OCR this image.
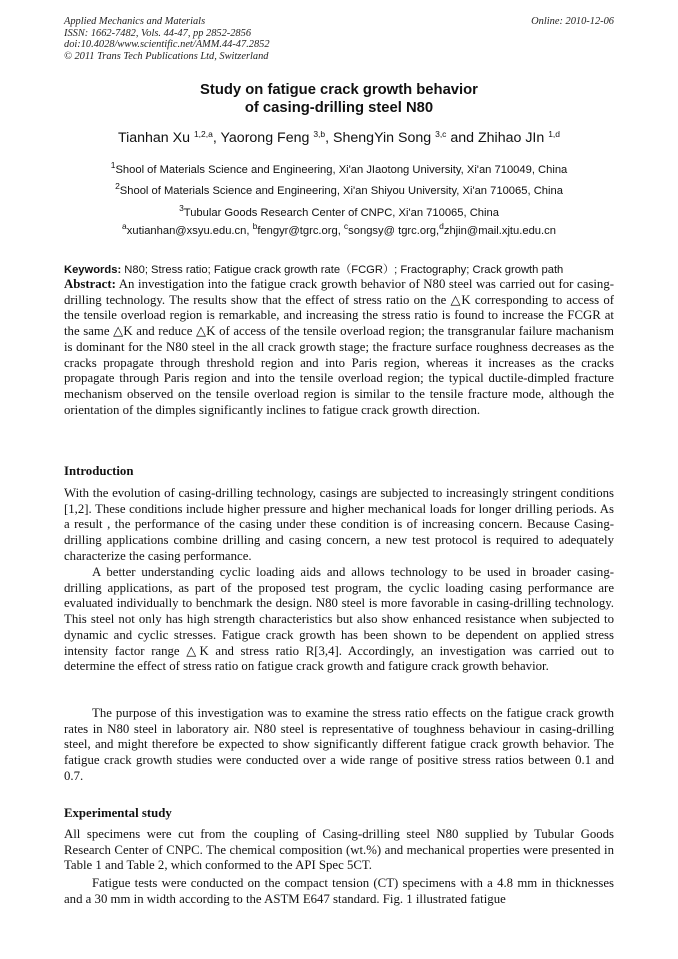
Applied Mechanics and Materials
ISSN: 1662-7482, Vols. 44-47, pp 2852-2856
doi:10.4028/www.scientific.net/AMM.44-47.2852
© 2011 Trans Tech Publications Ltd, Switzerland
Online: 2010-12-06
Study on fatigue crack growth behavior
of casing-drilling steel N80
Tianhan Xu $^{1,2,a}$, Yaorong Feng $^{3,b}$, ShengYin Song $^{3,c}$ and Zhihao JIn $^{1,d}$
$^1$Shool of Materials Science and Engineering, Xi'an JIaotong University, Xi'an 710049, China
$^2$Shool of Materials Science and Engineering, Xi'an Shiyou University, Xi'an 710065, China
$^3$Tubular Goods Research Center of CNPC, Xi'an 710065, China
$^a$xutianhan@xsyu.edu.cn, $^b$fengyr@tgrc.org, $^c$songsy@ tgrc.org,$^d$zhjin@mail.xjtu.edu.cn

Keywords: N80; Stress ratio; Fatigue crack growth rate（FCGR）; Fractography; Crack growth path

Abstract: An investigation into the fatigue crack growth behavior of N80 steel was carried out for casing-drilling technology. The results show that the effect of stress ratio on the △K corresponding to access of the tensile overload region is remarkable, and increasing the stress ratio is found to increase the FCGR at the same △K and reduce △K of access of the tensile overload region; the transgranular failure machanism is dominant for the N80 steel in the all crack growth stage; the fracture surface roughness decreases as the cracks propagate through threshold region and into Paris region, whereas it increases as the cracks propagate through Paris region and into the tensile overload region; the typical ductile-dimpled fracture mechanism observed on the tensile overload region is similar to the tensile fracture mode, although the orientation of the dimples significantly inclines to fatigue crack growth direction.

Introduction

With the evolution of casing-drilling technology, casings are subjected to increasingly stringent conditions [1,2]. These conditions include higher pressure and higher mechanical loads for longer drilling periods. As a result , the performance of the casing under these condition is of increasing concern. Because Casing-drilling applications combine drilling and casing concern, a new test protocol is required to adequately characterize the casing performance.

A better understanding cyclic loading aids and allows technology to be used in broader casing-drilling applications, as part of the proposed test program, the cyclic loading casing performance are evaluated individually to benchmark the design. N80 steel is more favorable in casing-drilling technology. This steel not only has high strength characteristics but also show enhanced resistance when subjected to dynamic and cyclic stresses. Fatigue crack growth has been shown to be dependent on applied stress intensity factor range △K and stress ratio R[3,4]. Accordingly, an investigation was carried out to determine the effect of stress ratio on fatigue crack growth and fatigure crack growth behavior.

The purpose of this investigation was to examine the stress ratio effects on the fatigue crack growth rates in N80 steel in laboratory air. N80 steel is representative of toughness behaviour in casing-drilling steel, and might therefore be expected to show significantly different fatigue crack growth behavior. The fatigue crack growth studies were conducted over a wide range of positive stress ratios between 0.1 and 0.7.

Experimental study

All specimens were cut from the coupling of Casing-drilling steel N80 supplied by Tubular Goods Research Center of CNPC. The chemical composition (wt.%) and mechanical properties were presented in Table 1 and Table 2, which conformed to the API Spec 5CT.

Fatigue tests were conducted on the compact tension (CT) specimens with a 4.8 mm in thicknesses and a 30 mm in width according to the ASTM E647 standard. Fig. 1 illustrated fatigue
